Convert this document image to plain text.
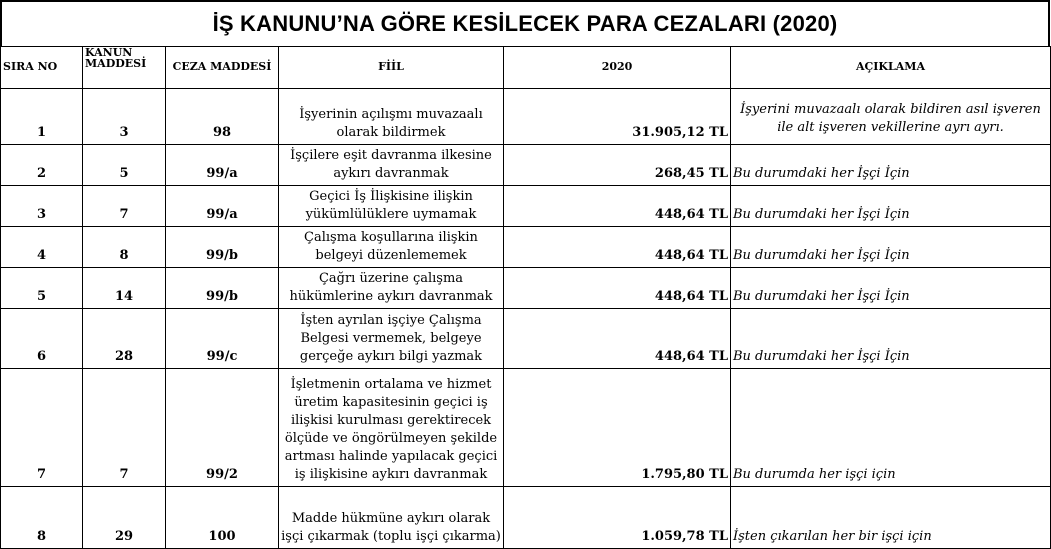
İŞ KANUNU’NA GÖRE KESİLECEK PARA CEZALARI (2020)
SIRA NO	KANUN MADDESİ	CEZA MADDESİ	FİİL	2020	AÇIKLAMA
1	3	98	İşyerinin açılışmı muvazaalı olarak bildirmek	31.905,12 TL	İşyerini muvazaalı olarak bildiren asıl işveren ile alt işveren vekillerine ayrı ayrı.
2	5	99/a	İşçilere eşit davranma ilkesine aykırı davranmak	268,45 TL	Bu durumdaki her İşçi İçin
3	7	99/a	Geçici İş İlişkisine ilişkin yükümlülüklere uymamak	448,64 TL	Bu durumdaki her İşçi İçin
4	8	99/b	Çalışma koşullarına ilişkin belgeyi düzenlememek	448,64 TL	Bu durumdaki her İşçi İçin
5	14	99/b	Çağrı üzerine çalışma hükümlerine aykırı davranmak	448,64 TL	Bu durumdaki her İşçi İçin
6	28	99/c	İşten ayrılan işçiye Çalışma Belgesi vermemek, belgeye gerçeğe aykırı bilgi yazmak	448,64 TL	Bu durumdaki her İşçi İçin
7	7	99/2	İşletmenin ortalama ve hizmet üretim kapasitesinin geçici iş ilişkisi kurulması gerektirecek ölçüde ve öngörülmeyen şekilde artması halinde yapılacak geçici iş ilişkisine aykırı davranmak	1.795,80 TL	Bu durumda her işçi için
8	29	100	Madde hükmüne aykırı olarak işçi çıkarmak (toplu işçi çıkarma)	1.059,78 TL	İşten çıkarılan her bir işçi için
